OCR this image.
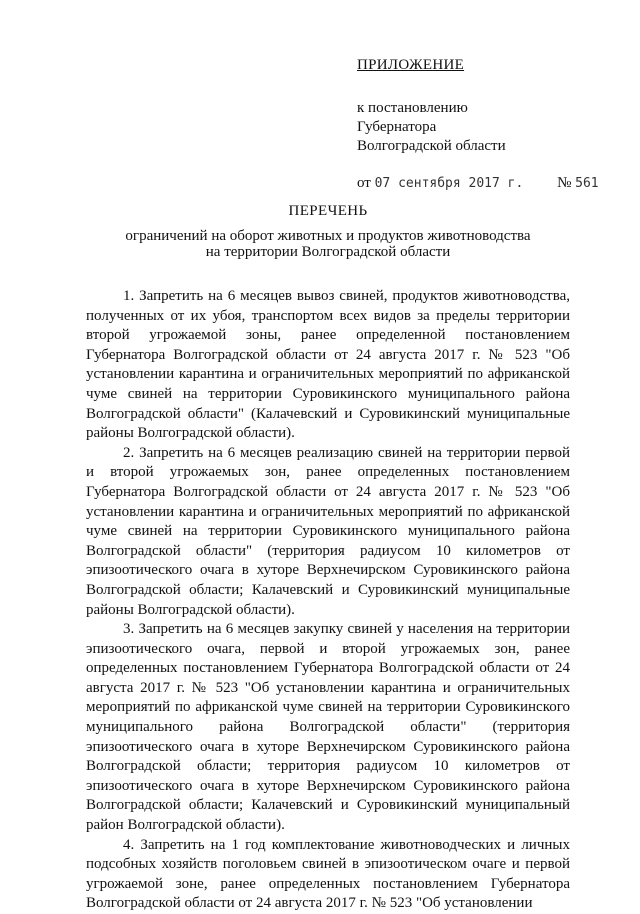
ПРИЛОЖЕНИЕ
к постановлению
Губернатора
Волгоградской области
от 07 сентября 2017 г. № 561
ПЕРЕЧЕНЬ
ограничений на оборот животных и продуктов животноводства
на территории Волгоградской области

1. Запретить на 6 месяцев вывоз свиней, продуктов животноводства, полученных от их убоя, транспортом всех видов за пределы территории второй угрожаемой зоны, ранее определенной постановлением Губернатора Волгоградской области от 24 августа 2017 г. № 523 "Об установлении карантина и ограничительных мероприятий по африканской чуме свиней на территории Суровикинского муниципального района Волгоградской области" (Калачевский и Суровикинский муниципальные районы Волгоградской области).

2. Запретить на 6 месяцев реализацию свиней на территории первой и второй угрожаемых зон, ранее определенных постановлением Губернатора Волгоградской области от 24 августа 2017 г. № 523 "Об установлении карантина и ограничительных мероприятий по африканской чуме свиней на территории Суровикинского муниципального района Волгоградской области" (территория радиусом 10 километров от эпизоотического очага в хуторе Верхнечирском Суровикинского района Волгоградской области; Калачевский и Суровикинский муниципальные районы Волгоградской области).

3. Запретить на 6 месяцев закупку свиней у населения на территории эпизоотического очага, первой и второй угрожаемых зон, ранее определенных постановлением Губернатора Волгоградской области от 24 августа 2017 г. № 523 "Об установлении карантина и ограничительных мероприятий по африканской чуме свиней на территории Суровикинского муниципального района Волгоградской области" (территория эпизоотического очага в хуторе Верхнечирском Суровикинского района Волгоградской области; территория радиусом 10 километров от эпизоотического очага в хуторе Верхнечирском Суровикинского района Волгоградской области; Калачевский и Суровикинский муниципальный район Волгоградской области).

4. Запретить на 1 год комплектование животноводческих и личных подсобных хозяйств поголовьем свиней в эпизоотическом очаге и первой угрожаемой зоне, ранее определенных постановлением Губернатора Волгоградской области от 24 августа 2017 г. № 523 "Об установлении
